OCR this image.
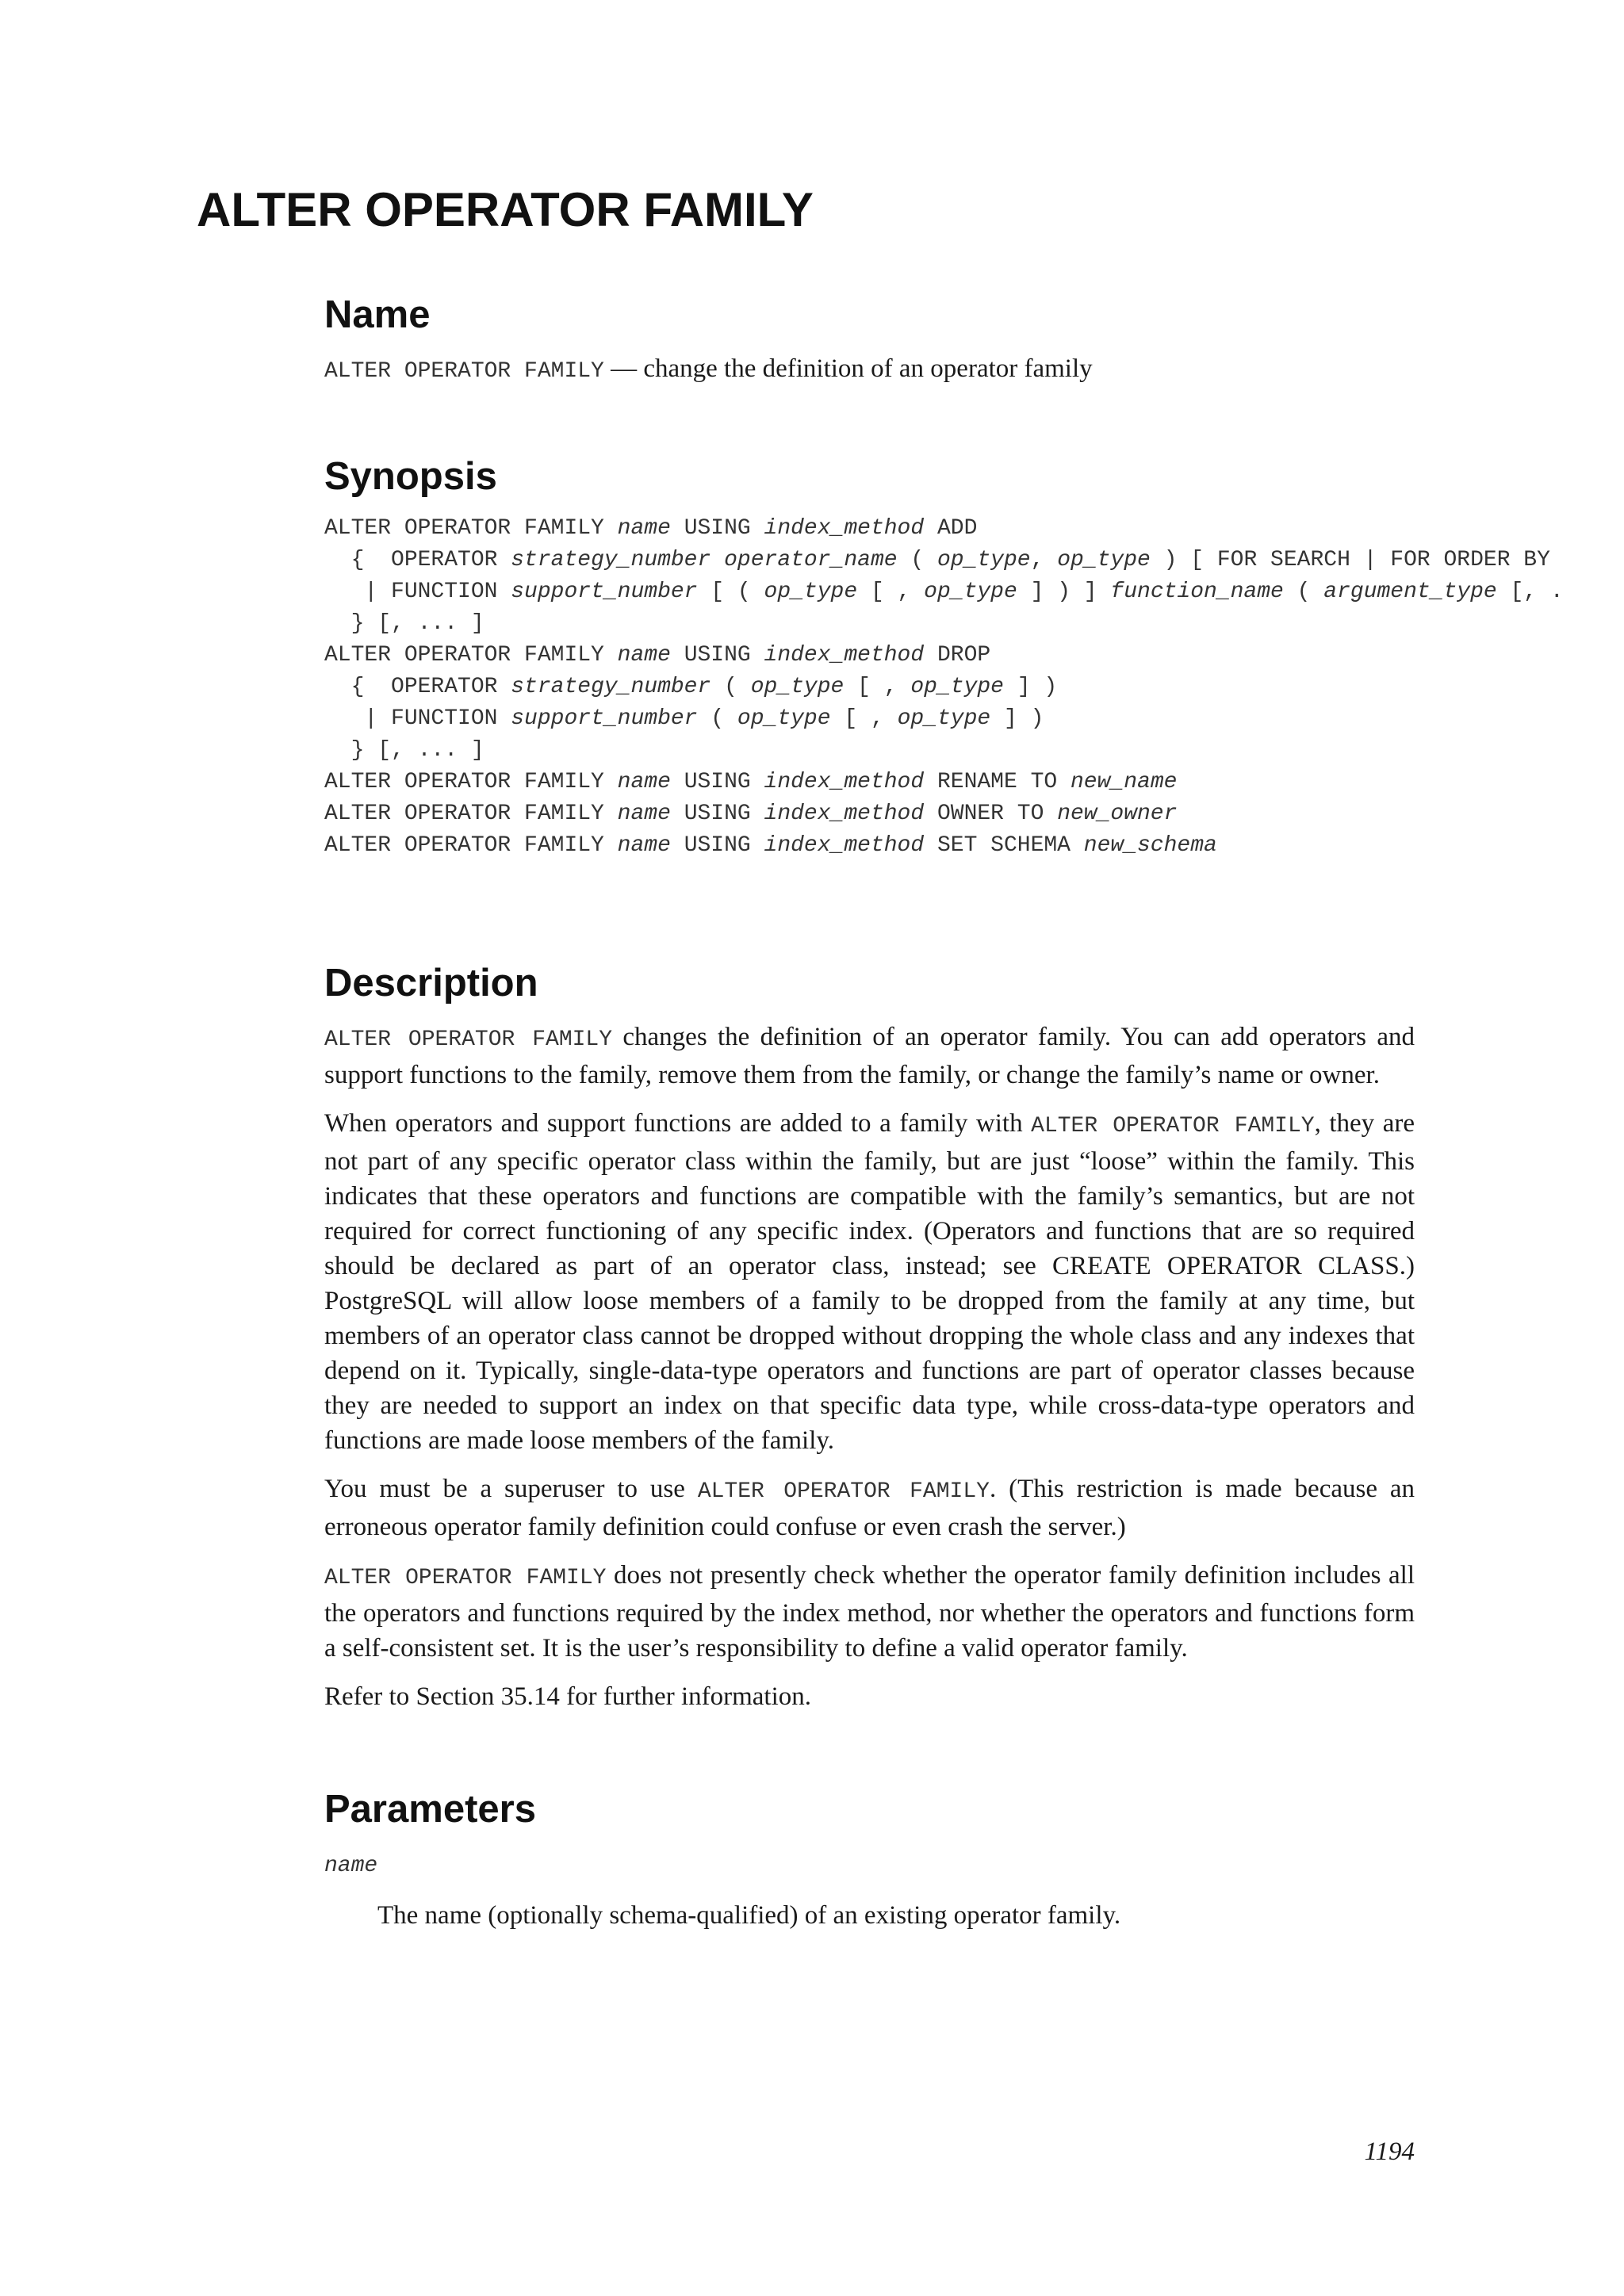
ALTER OPERATOR FAMILY
Name
ALTER OPERATOR FAMILY — change the definition of an operator family
Synopsis
ALTER OPERATOR FAMILY name USING index_method ADD
{  OPERATOR strategy_number operator_name ( op_type, op_type ) [ FOR SEARCH | FOR ORDER BY
| FUNCTION support_number [ ( op_type [ , op_type ] ) ] function_name ( argument_type [, .
} [, ... ]
ALTER OPERATOR FAMILY name USING index_method DROP
{  OPERATOR strategy_number ( op_type [ , op_type ] )
| FUNCTION support_number ( op_type [ , op_type ] )
} [, ... ]
ALTER OPERATOR FAMILY name USING index_method RENAME TO new_name
ALTER OPERATOR FAMILY name USING index_method OWNER TO new_owner
ALTER OPERATOR FAMILY name USING index_method SET SCHEMA new_schema
Description

ALTER OPERATOR FAMILY changes the definition of an operator family. You can add operators and support functions to the family, remove them from the family, or change the family’s name or owner.

When operators and support functions are added to a family with ALTER OPERATOR FAMILY, they are not part of any specific operator class within the family, but are just “loose” within the family. This indicates that these operators and functions are compatible with the family’s semantics, but are not required for correct functioning of any specific index. (Operators and functions that are so required should be declared as part of an operator class, instead; see CREATE OPERATOR CLASS.) PostgreSQL will allow loose members of a family to be dropped from the family at any time, but members of an operator class cannot be dropped without dropping the whole class and any indexes that depend on it. Typically, single-data-type operators and functions are part of operator classes because they are needed to support an index on that specific data type, while cross-data-type operators and functions are made loose members of the family.

You must be a superuser to use ALTER OPERATOR FAMILY. (This restriction is made because an erroneous operator family definition could confuse or even crash the server.)

ALTER OPERATOR FAMILY does not presently check whether the operator family definition includes all the operators and functions required by the index method, nor whether the operators and functions form a self-consistent set. It is the user’s responsibility to define a valid operator family.

Refer to Section 35.14 for further information.

Parameters

name

The name (optionally schema-qualified) of an existing operator family.

1194
